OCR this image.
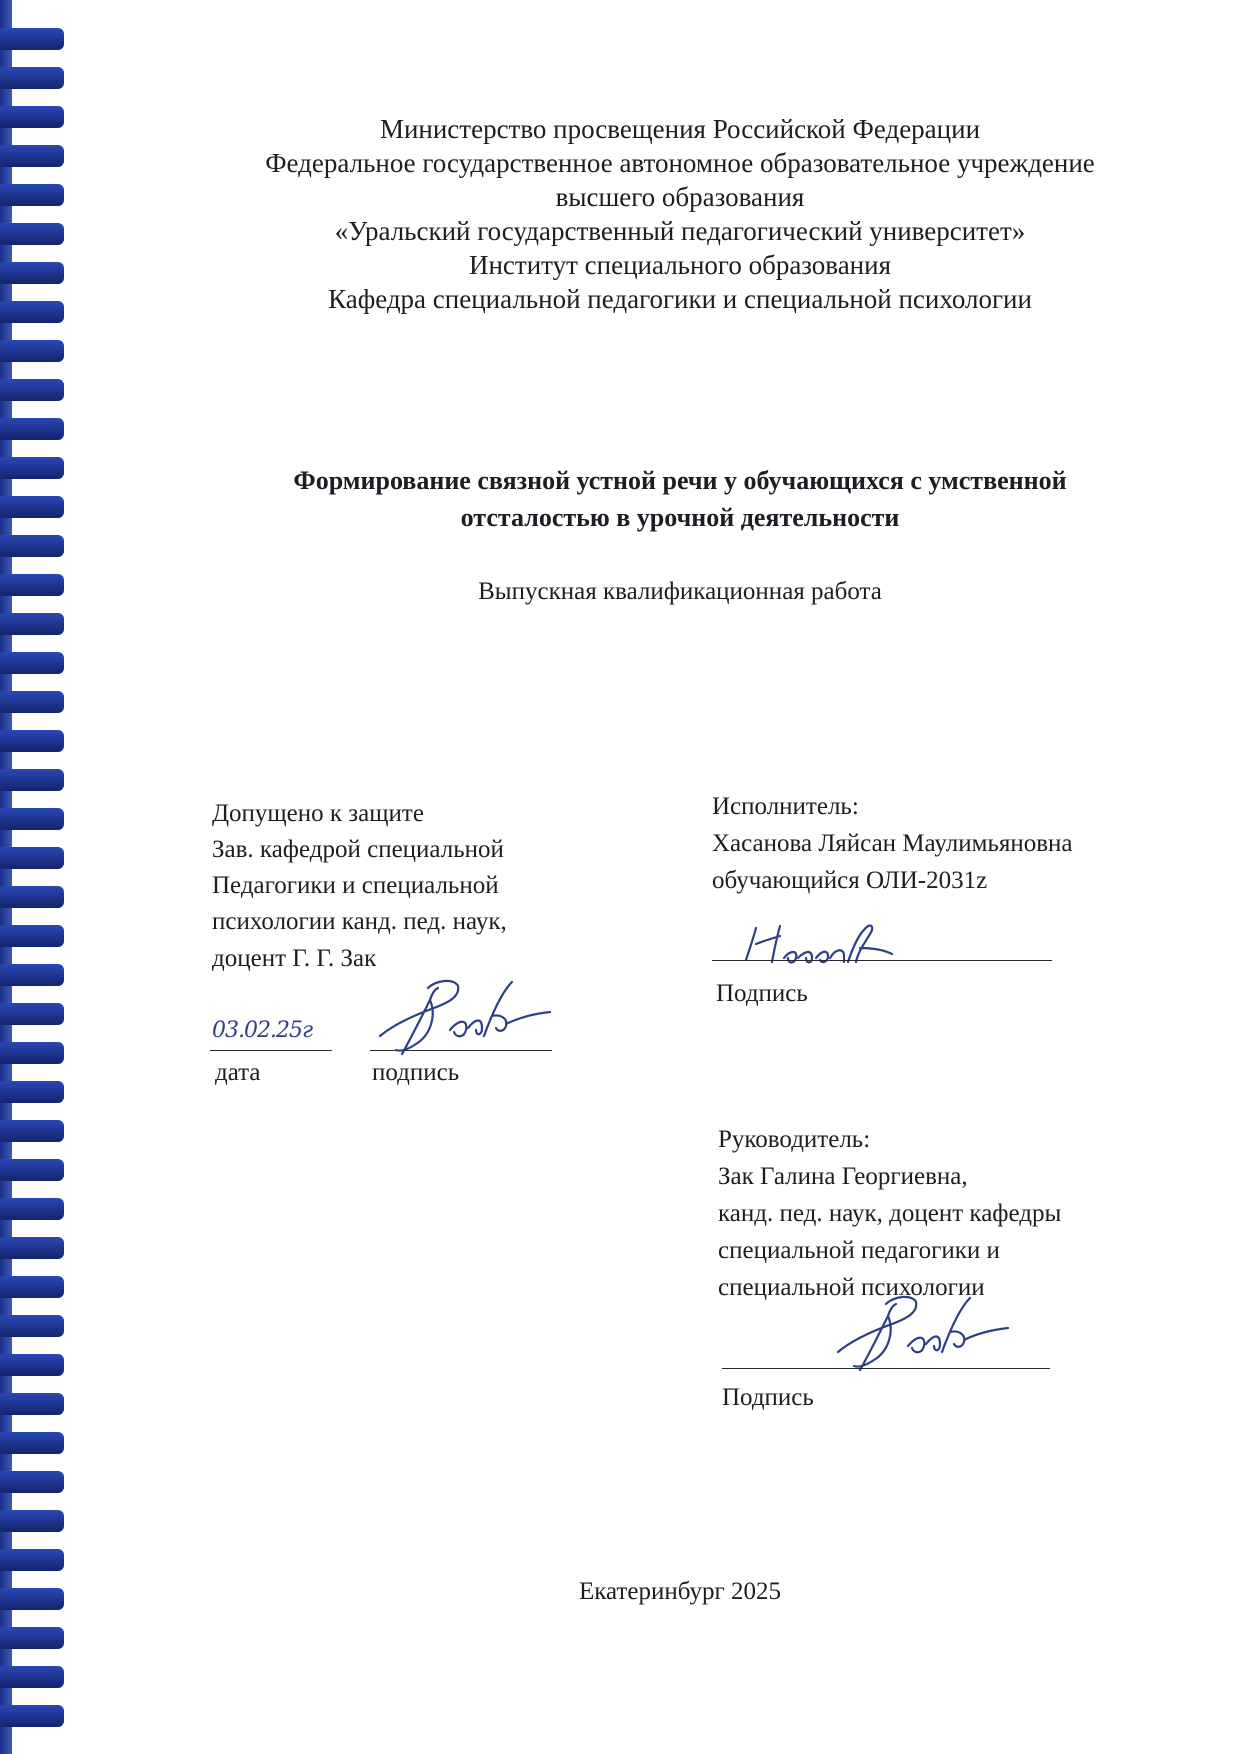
Министерство просвещения Российской Федерации
Федеральное государственное автономное образовательное учреждение
высшего образования
«Уральский государственный педагогический университет»
Институт специального образования
Кафедра специальной педагогики и специальной психологии
Формирование связной устной речи у обучающихся с умственной
отсталостью в урочной деятельности
Выпускная квалификационная работа
Допущено к защите
Зав. кафедрой специальной
Педагогики и специальной
психологии канд. пед. наук,
доцент Г. Г. Зак
03.02.25г
дата	подпись
Исполнитель:
Хасанова Ляйсан Маулимьяновна
обучающийся ОЛИ-2031z
Подпись
Руководитель:
Зак Галина Георгиевна,
канд. пед. наук, доцент кафедры
специальной педагогики и
специальной психологии
Подпись
Екатеринбург 2025
